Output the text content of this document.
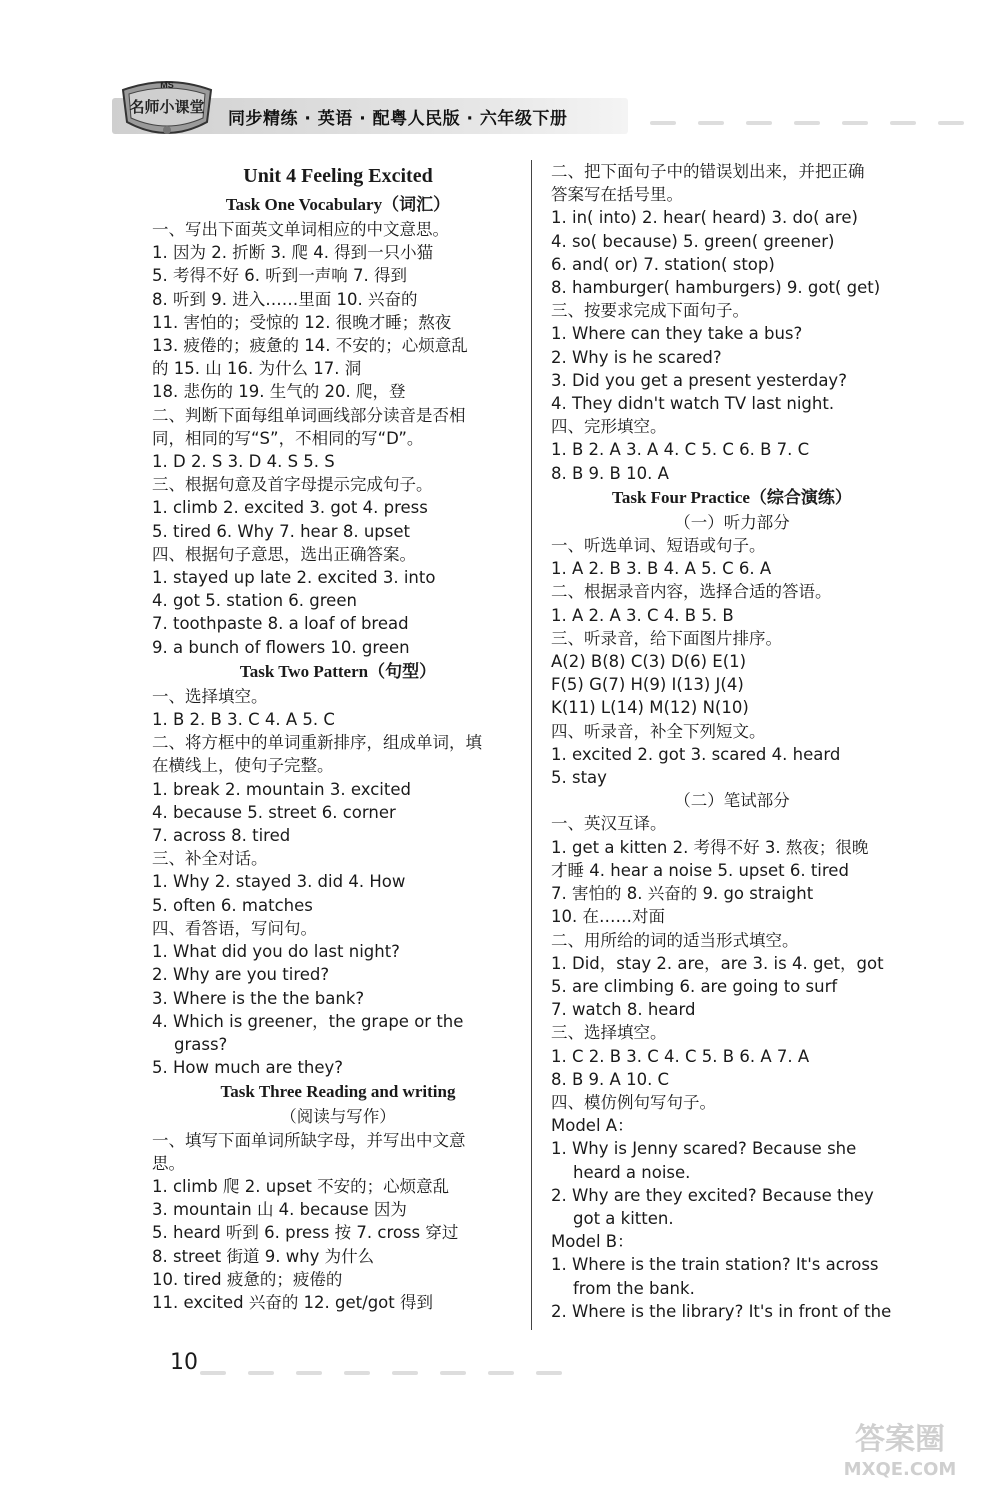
MS
名师小课堂
同步精练 · 英语 · 配粤人民版 · 六年级下册
Unit 4 Feeling Excited
Task One Vocabulary（词汇）
一、写出下面英文单词相应的中文意思。
1. 因为 2. 折断 3. 爬 4. 得到一只小猫
5. 考得不好 6. 听到一声响 7. 得到
8. 听到 9. 进入……里面 10. 兴奋的
11. 害怕的；受惊的 12. 很晚才睡；熬夜
13. 疲倦的；疲惫的 14. 不安的；心烦意乱
的 15. 山 16. 为什么 17. 洞
18. 悲伤的 19. 生气的 20. 爬，登
二、判断下面每组单词画线部分读音是否相
同，相同的写“S”，不相同的写“D”。
1. D 2. S 3. D 4. S 5. S
三、根据句意及首字母提示完成句子。
1. climb 2. excited 3. got 4. press
5. tired 6. Why 7. hear 8. upset
四、根据句子意思，选出正确答案。
1. stayed up late 2. excited 3. into
4. got 5. station 6. green
7. toothpaste 8. a loaf of bread
9. a bunch of flowers 10. green
Task Two Pattern（句型）
一、选择填空。
1. B 2. B 3. C 4. A 5. C
二、将方框中的单词重新排序，组成单词，填
在横线上，使句子完整。
1. break 2. mountain 3. excited
4. because 5. street 6. corner
7. across 8. tired
三、补全对话。
1. Why 2. stayed 3. did 4. How
5. often 6. matches
四、看答语，写问句。
1. What did you do last night?
2. Why are you tired?
3. Where is the the bank?
4. Which is greener，the grape or the
grass?
5. How much are they?
Task Three Reading and writing
（阅读与写作）
一、填写下面单词所缺字母，并写出中文意
思。
1. climb 爬 2. upset 不安的；心烦意乱
3. mountain 山 4. because 因为
5. heard 听到 6. press 按 7. cross 穿过
8. street 街道 9. why 为什么
10. tired 疲惫的；疲倦的
11. excited 兴奋的 12. get/got 得到
二、把下面句子中的错误划出来，并把正确
答案写在括号里。
1. in( into) 2. hear( heard) 3. do( are)
4. so( because) 5. green( greener)
6. and( or) 7. station( stop)
8. hamburger( hamburgers) 9. got( get)
三、按要求完成下面句子。
1. Where can they take a bus?
2. Why is he scared?
3. Did you get a present yesterday?
4. They didn't watch TV last night.
四、完形填空。
1. B 2. A 3. A 4. C 5. C 6. B 7. C
8. B 9. B 10. A
Task Four Practice（综合演练）
（一）听力部分
一、听选单词、短语或句子。
1. A 2. B 3. B 4. A 5. C 6. A
二、根据录音内容，选择合适的答语。
1. A 2. A 3. C 4. B 5. B
三、听录音，给下面图片排序。
A(2) B(8) C(3) D(6) E(1)
F(5) G(7) H(9) I(13) J(4)
K(11) L(14) M(12) N(10)
四、听录音，补全下列短文。
1. excited 2. got 3. scared 4. heard
5. stay
（二）笔试部分
一、英汉互译。
1. get a kitten 2. 考得不好 3. 熬夜；很晚
才睡 4. hear a noise 5. upset 6. tired
7. 害怕的 8. 兴奋的 9. go straight
10. 在……对面
二、用所给的词的适当形式填空。
1. Did，stay 2. are，are 3. is 4. get，got
5. are climbing 6. are going to surf
7. watch 8. heard
三、选择填空。
1. C 2. B 3. C 4. C 5. B 6. A 7. A
8. B 9. A 10. C
四、模仿例句写句子。
Model A：
1. Why is Jenny scared? Because she
heard a noise.
2. Why are they excited? Because they
got a kitten.
Model B：
1. Where is the train station? It's across
from the bank.
2. Where is the library? It's in front of the
10
答案圈
MXQE.COM
